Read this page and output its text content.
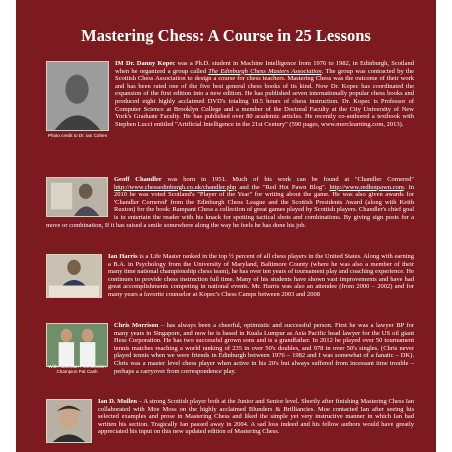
Mastering Chess: A Course in 25 Lessons

Photo credit to Dr. Ian Cohen
IM Dr. Danny Kopec was a Ph.D. student in Machine Intelligence from 1976 to 1982, in Edinburgh, Scotland when he organized a group called The Edinburgh Chess Masters Association. The group was contracted by the Scottish Chess Association to design a course for chess teachers. Mastering Chess was the outcome of their work and has been rated one of the five best general chess books of its kind. Now Dr. Kopec has coordinated the expansion of the first edition into a new edition. He has published seven internationally popular chess books and produced eight highly acclaimed DVD's totaling 18.5 hours of chess instruction. Dr. Kopec is Professor of Computer Science at Brooklyn College and a member of the Doctoral Faculty at the City University of New York's Graduate Faculty. He has published over 80 academic articles. He recently co-authored a textbook with Stephen Lucci entitled "Artificial Intelligence in the 21st Century" (590 pages, www.merclearning.com, 2013).

Geoff Chandler was born in 1951. Much of his work can be found at "Chandler Cornered" http://www.chessedinburgh.co.uk/chandler.php and the "Red Hot Pawn Blog". http://www.redhotpawn.com. In 2010 he was voted Scotland's "Player of the Year" for writing about the game. He was also given awards for 'Chandler Cornered' from the Edinburgh Chess League and the Scottish Presidents Award (along with Keith Ruxton) for the book: Rampant Chess a collection of great games played by Scottish players. Chandler's chief goal is to entertain the reader with his knack for spotting tactical shots and combinations. By giving sign posts for a move or combination, If it has raised a smile somewhere along the way he feels he has done his job.

Ian Harris is a Life Master ranked in the top ½ percent of all chess players in the United States. Along with earning a B.A. in Psychology from the University of Maryland, Baltimore County (where he was also a member of their many time national championship chess team), he has over ten years of tournament play and coaching experience. He continues to provide chess instruction full time. Many of his students have shown vast improvements and have had great accomplishments competing in national events. Mr. Harris was also an attendee (from 2000 – 2002) and for many years a favorite counselor at Kopec's Chess Camps between 2003 and 2008

With Australian / Wimbledon Champion Pat Cash
Chris Morrison – has always been a cheerful, optimistic and successful person. First he was a lawyer BP for many years in Singapore, and now he is based in Kuala Lumpur as Asia Pacific head lawyer for the US oil giant Hess Corporation. He has two successful grown sons and is a grandfather. In 2012 he played over 50 tournament tennis matches reaching a world ranking of 235 in over 50's doubles, and 978 in over 50's singles. (Chris never played tennis when we were friends in Edinburgh between 1976 – 1982 and I was somewhat of a fanatic – DK). Chris was a master level chess player when active in his 20's but always suffered from incessant time trouble – perhaps a carryover from correspondence play.

Ian D. Mullen – A strong Scottish player both at the Junior and Senior level. Shortly after finishing Mastering Chess Ian collaborated with Moe Moss on the highly acclaimed Blunders & Brilliancies. Moe contacted Ian after seeing his selected examples and prose in Mastering Chess and liked the simple yet very instructive manner in which Ian had written his section. Tragically Ian passed away in 2004. A sad loss indeed and his fellow authors would have greatly appreciated his input on this new updated edition of Mastering Chess.
